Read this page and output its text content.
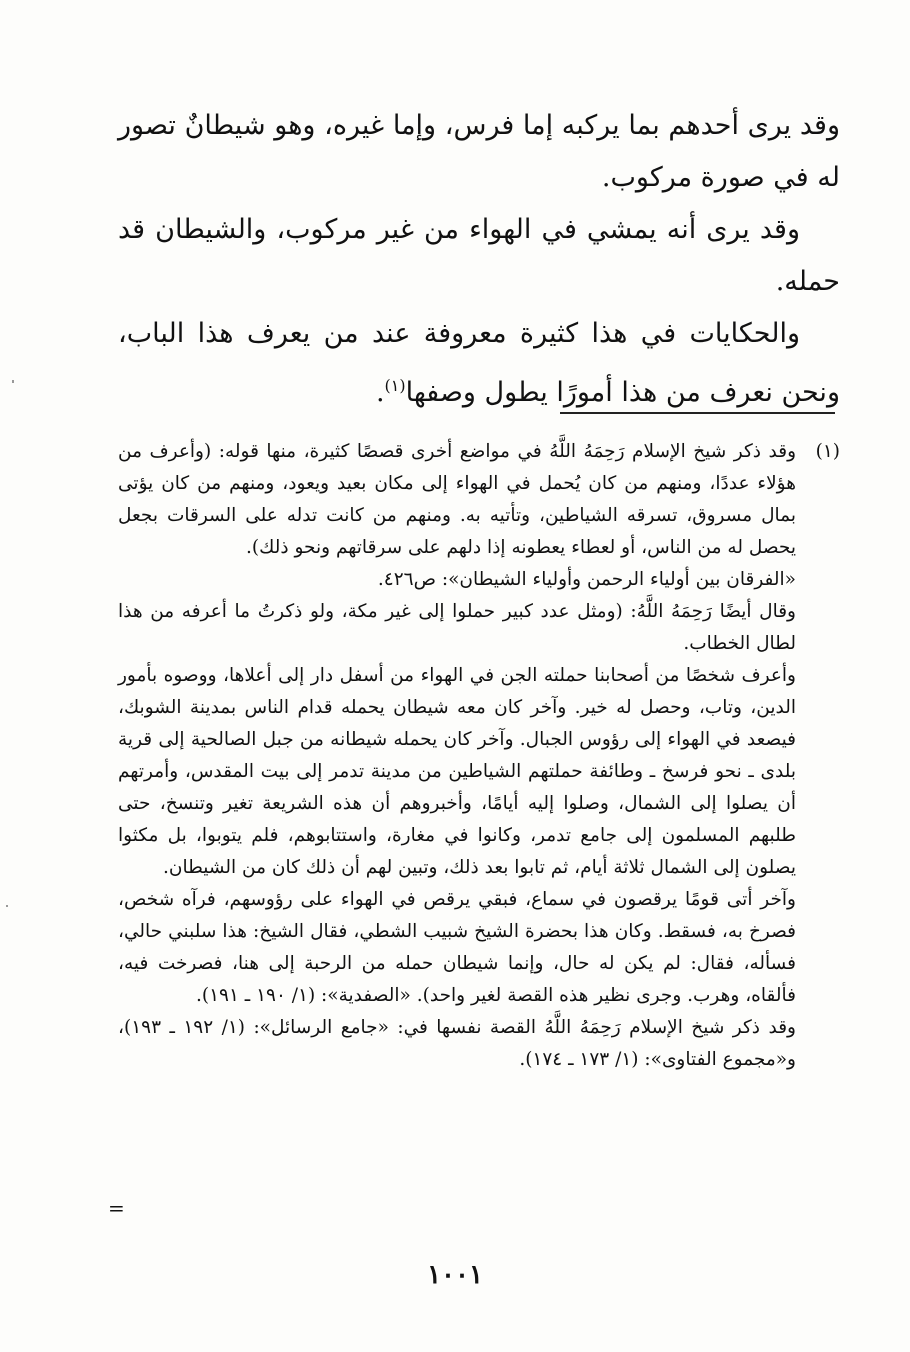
وقد يرى أحدهم بما يركبه إما فرس، وإما غيره، وهو شيطانٌ تصور له في صورة مركوب.

وقد يرى أنه يمشي في الهواء من غير مركوب، والشيطان قد حمله.

والحكايات في هذا كثيرة معروفة عند من يعرف هذا الباب، ونحن نعرف من هذا أمورًا يطول وصفها$^{(١)}$.

(١)

وقد ذكر شيخ الإسلام رَحِمَهُ اللَّهُ في مواضع أخرى قصصًا كثيرة، منها قوله: (وأعرف من هؤلاء عددًا، ومنهم من كان يُحمل في الهواء إلى مكان بعيد ويعود، ومنهم من كان يؤتى بمال مسروق، تسرقه الشياطين، وتأتيه به. ومنهم من كانت تدله على السرقات بجعل يحصل له من الناس، أو لعطاء يعطونه إذا دلهم على سرقاتهم ونحو ذلك).

«الفرقان بين أولياء الرحمن وأولياء الشيطان»: ص٤٢٦.

وقال أيضًا رَحِمَهُ اللَّهُ: (ومثل عدد كبير حملوا إلى غير مكة، ولو ذكرتُ ما أعرفه من هذا لطال الخطاب.

وأعرف شخصًا من أصحابنا حملته الجن في الهواء من أسفل دار إلى أعلاها، ووصوه بأمور الدين، وتاب، وحصل له خير. وآخر كان معه شيطان يحمله قدام الناس بمدينة الشوبك، فيصعد في الهواء إلى رؤوس الجبال. وآخر كان يحمله شيطانه من جبل الصالحية إلى قرية بلدى ـ نحو فرسخ ـ وطائفة حملتهم الشياطين من مدينة تدمر إلى بيت المقدس، وأمرتهم أن يصلوا إلى الشمال، وصلوا إليه أيامًا، وأخبروهم أن هذه الشريعة تغير وتنسخ، حتى طلبهم المسلمون إلى جامع تدمر، وكانوا في مغارة، واستتابوهم، فلم يتوبوا، بل مكثوا يصلون إلى الشمال ثلاثة أيام، ثم تابوا بعد ذلك، وتبين لهم أن ذلك كان من الشيطان.

وآخر أتى قومًا يرقصون في سماع، فبقي يرقص في الهواء على رؤوسهم، فرآه شخص، فصرخ به، فسقط. وكان هذا بحضرة الشيخ شبيب الشطي، فقال الشيخ: هذا سلبني حالي، فسأله، فقال: لم يكن له حال، وإنما شيطان حمله من الرحبة إلى هنا، فصرخت فيه، فألقاه، وهرب. وجرى نظير هذه القصة لغير واحد). «الصفدية»: (١/ ١٩٠ ـ ١٩١).

وقد ذكر شيخ الإسلام رَحِمَهُ اللَّهُ القصة نفسها في: «جامع الرسائل»: (١/ ١٩٢ ـ ١٩٣)، و«مجموع الفتاوى»: (١/ ١٧٣ ـ ١٧٤).

=
١٠٠١
